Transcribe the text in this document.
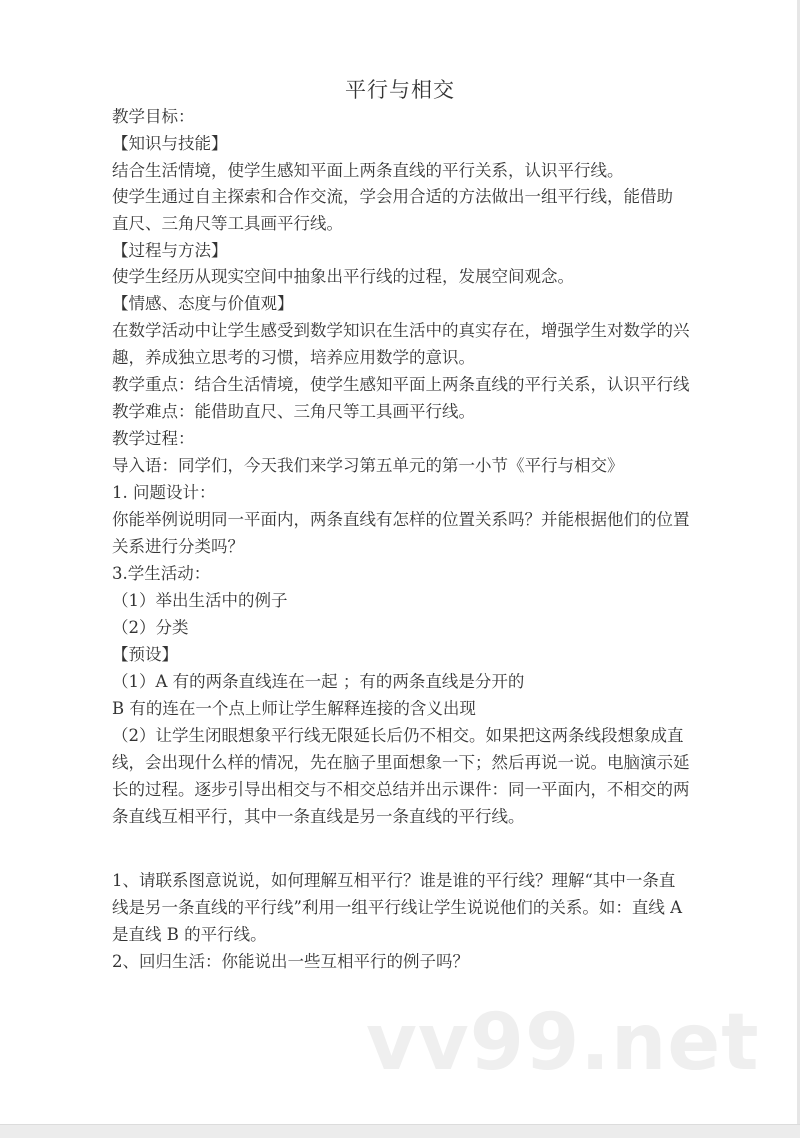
平行与相交
教学目标：
【知识与技能】
结合生活情境，使学生感知平面上两条直线的平行关系，认识平行线。
使学生通过自主探索和合作交流，学会用合适的方法做出一组平行线，能借助
直尺、三角尺等工具画平行线。
【过程与方法】
使学生经历从现实空间中抽象出平行线的过程，发展空间观念。
【情感、态度与价值观】
在数学活动中让学生感受到数学知识在生活中的真实存在，增强学生对数学的兴
趣，养成独立思考的习惯，培养应用数学的意识。
教学重点：结合生活情境，使学生感知平面上两条直线的平行关系，认识平行线
教学难点：能借助直尺、三角尺等工具画平行线。
教学过程：
导入语：同学们，今天我们来学习第五单元的第一小节《平行与相交》
1. 问题设计：
你能举例说明同一平面内，两条直线有怎样的位置关系吗？并能根据他们的位置
关系进行分类吗？
3.学生活动：
（1）举出生活中的例子
（2）分类
【预设】
（1）A 有的两条直线连在一起 ；有的两条直线是分开的
B 有的连在一个点上师让学生解释连接的含义出现
（2）让学生闭眼想象平行线无限延长后仍不相交。如果把这两条线段想象成直
线，会出现什么样的情况，先在脑子里面想象一下；然后再说一说。电脑演示延
长的过程。逐步引导出相交与不相交总结并出示课件：同一平面内，不相交的两
条直线互相平行，其中一条直线是另一条直线的平行线。
1、请联系图意说说，如何理解互相平行？谁是谁的平行线？理解“其中一条直
线是另一条直线的平行线”利用一组平行线让学生说说他们的关系。如：直线 A
是直线 B 的平行线。
2、回归生活：你能说出一些互相平行的例子吗？
vv99.net
